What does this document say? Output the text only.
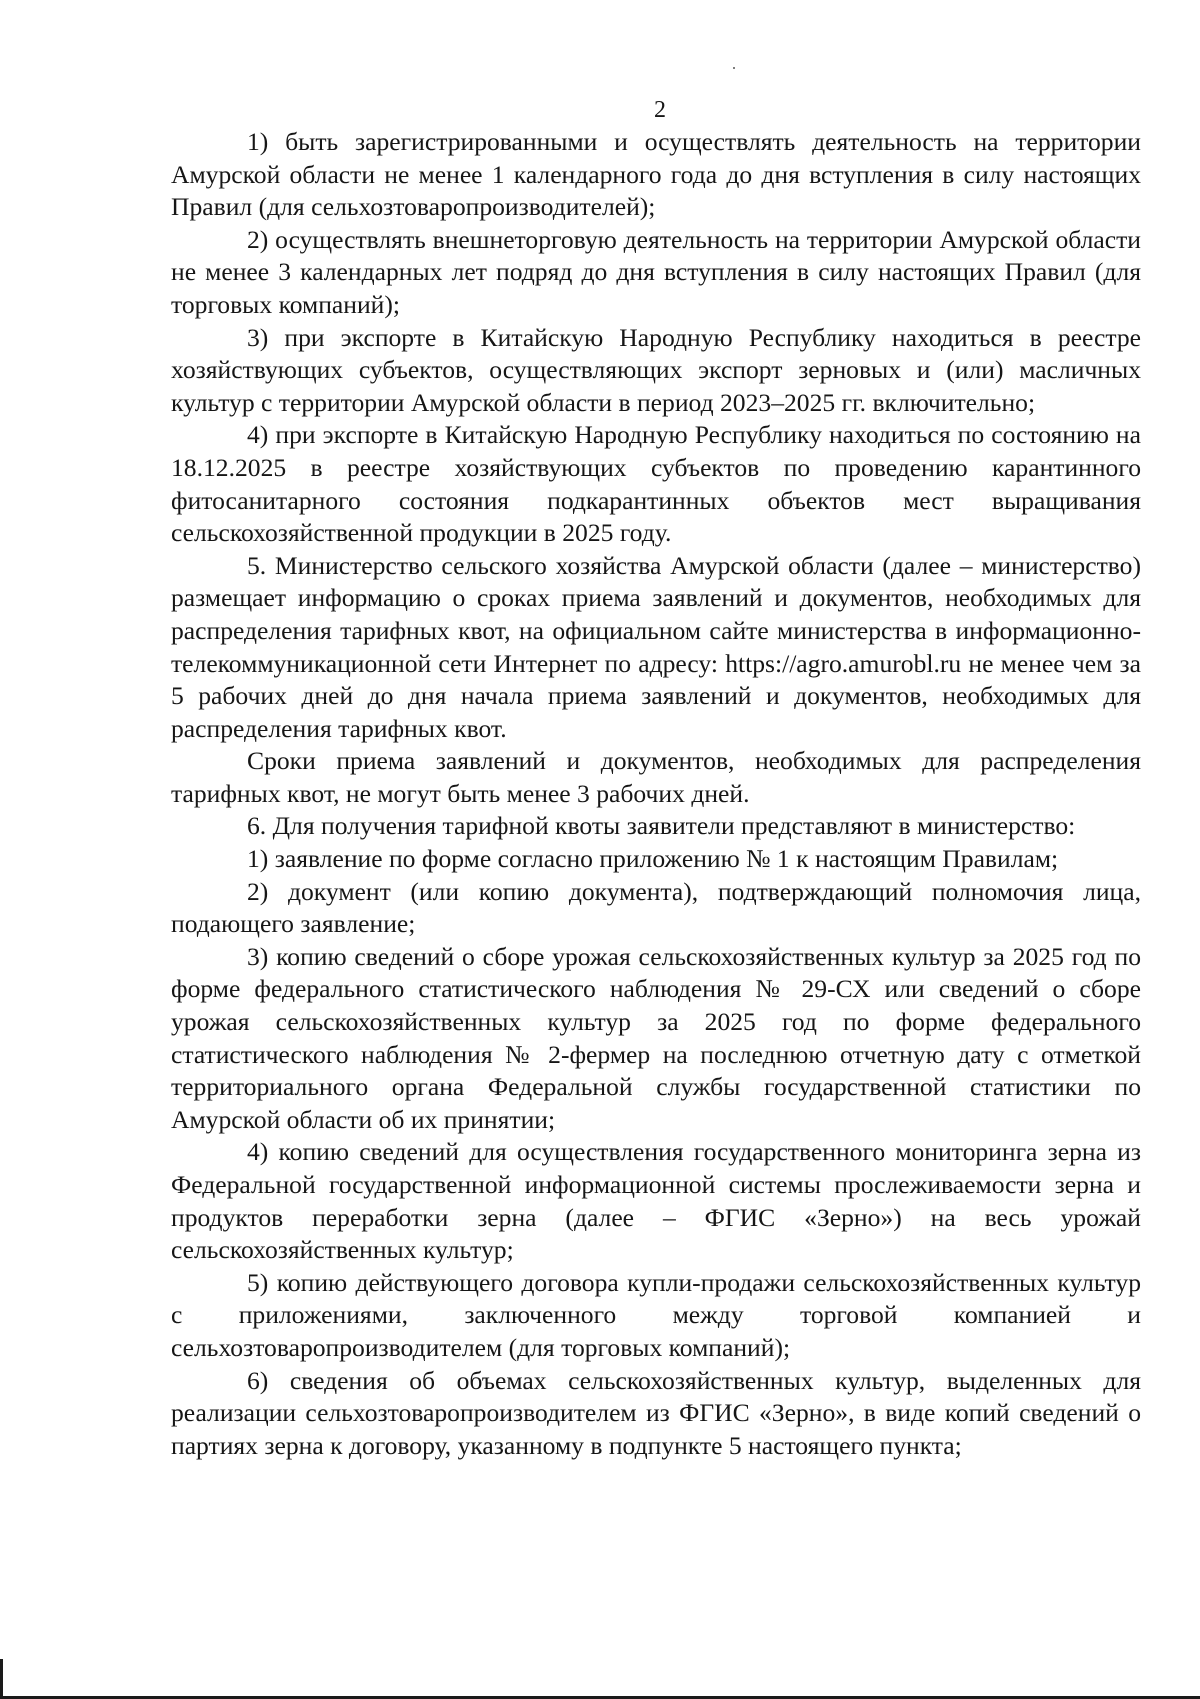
2

1) быть зарегистрированными и осуществлять деятельность на территории Амурской области не менее 1 календарного года до дня вступления в силу настоящих Правил (для сельхозтоваропроизводителей);

2) осуществлять внешнеторговую деятельность на территории Амурской области не менее 3 календарных лет подряд до дня вступления в силу настоящих Правил (для торговых компаний);

3) при экспорте в Китайскую Народную Республику находиться в реестре хозяйствующих субъектов, осуществляющих экспорт зерновых и (или) масличных культур с территории Амурской области в период 2023–2025 гг. включительно;

4) при экспорте в Китайскую Народную Республику находиться по состоянию на 18.12.2025 в реестре хозяйствующих субъектов по проведению карантинного фитосанитарного состояния подкарантинных объектов мест выращивания сельскохозяйственной продукции в 2025 году.

5. Министерство сельского хозяйства Амурской области (далее – министерство) размещает информацию о сроках приема заявлений и документов, необходимых для распределения тарифных квот, на официальном сайте министерства в информационно-телекоммуникационной сети Интернет по адресу: https://agro.amurobl.ru не менее чем за 5 рабочих дней до дня начала приема заявлений и документов, необходимых для распределения тарифных квот.

Сроки приема заявлений и документов, необходимых для распределения тарифных квот, не могут быть менее 3 рабочих дней.

6. Для получения тарифной квоты заявители представляют в министерство:

1) заявление по форме согласно приложению № 1 к настоящим Правилам;

2) документ (или копию документа), подтверждающий полномочия лица, подающего заявление;

3) копию сведений о сборе урожая сельскохозяйственных культур за 2025 год по форме федерального статистического наблюдения № 29-СХ или сведений о сборе урожая сельскохозяйственных культур за 2025 год по форме федерального статистического наблюдения № 2-фермер на последнюю отчетную дату с отметкой территориального органа Федеральной службы государственной статистики по Амурской области об их принятии;

4) копию сведений для осуществления государственного мониторинга зерна из Федеральной государственной информационной системы прослеживаемости зерна и продуктов переработки зерна (далее – ФГИС «Зерно») на весь урожай сельскохозяйственных культур;

5) копию действующего договора купли-продажи сельскохозяйственных культур с приложениями, заключенного между торговой компанией и сельхозтоваропроизводителем (для торговых компаний);

6) сведения об объемах сельскохозяйственных культур, выделенных для реализации сельхозтоваропроизводителем из ФГИС «Зерно», в виде копий сведений о партиях зерна к договору, указанному в подпункте 5 настоящего пункта;
